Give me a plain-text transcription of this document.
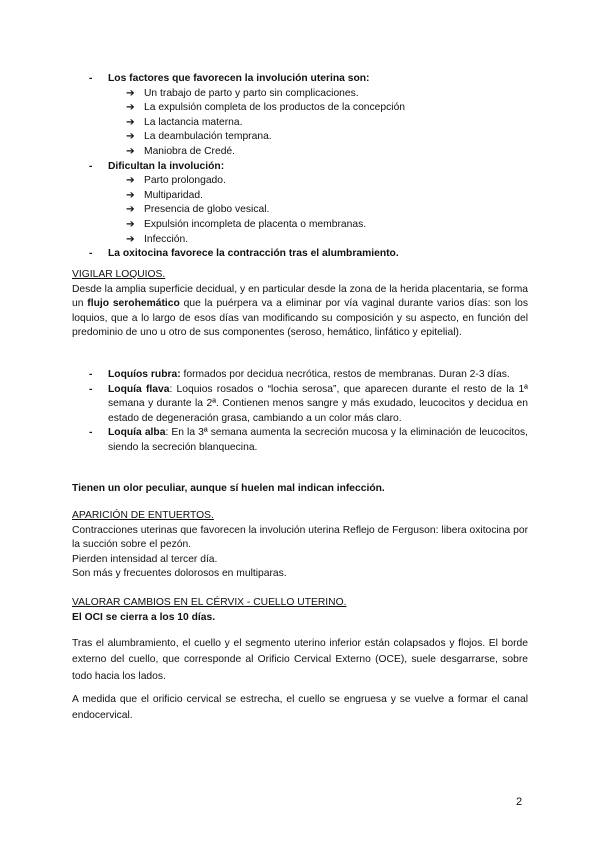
- Los factores que favorecen la involución uterina son:
➔ Un trabajo de parto y parto sin complicaciones.
➔ La expulsión completa de los productos de la concepción
➔ La lactancia materna.
➔ La deambulación temprana.
➔ Maniobra de Credé.
- Dificultan la involución:
➔ Parto prolongado.
➔ Multiparidad.
➔ Presencia de globo vesical.
➔ Expulsión incompleta de placenta o membranas.
➔ Infección.
- La oxitocina favorece la contracción tras el alumbramiento.
VIGILAR LOQUIOS.
Desde la amplia superficie decidual, y en particular desde la zona de la herida placentaria, se forma un flujo serohemático que la puérpera va a eliminar por vía vaginal durante varios días: son los loquios, que a lo largo de esos días van modificando su composición y su aspecto, en función del predominio de uno u otro de sus componentes (seroso, hemático, linfático y epitelial).
- Loquíos rubra: formados por decidua necrótica, restos de membranas. Duran 2-3 días.
- Loquía flava: Loquios rosados o “lochia serosa”, que aparecen durante el resto de la 1ª semana y durante la 2ª. Contienen menos sangre y más exudado, leucocitos y decidua en estado de degeneración grasa, cambiando a un color más claro.
- Loquía alba: En la 3ª semana aumenta la secreción mucosa y la eliminación de leucocitos, siendo la secreción blanquecina.
Tienen un olor peculiar, aunque sí huelen mal indican infección.
APARICIÓN DE ENTUERTOS.
Contracciones uterinas que favorecen la involución uterina Reflejo de Ferguson: libera oxitocina por la succión sobre el pezón.
Pierden intensidad al tercer día.
Son más y frecuentes dolorosos en multiparas.
VALORAR CAMBIOS EN EL CÉRVIX - CUELLO UTERINO.
El OCI se cierra a los 10 días.
Tras el alumbramiento, el cuello y el segmento uterino inferior están colapsados y flojos. El borde externo del cuello, que corresponde al Orificio Cervical Externo (OCE), suele desgarrarse, sobre todo hacia los lados.
A medida que el orificio cervical se estrecha, el cuello se engruesa y se vuelve a formar el canal endocervical.
2
